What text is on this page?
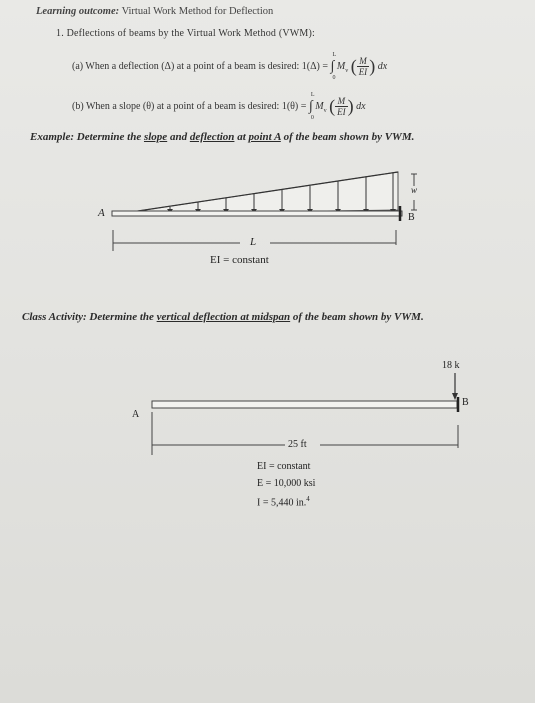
Learning outcome: Virtual Work Method for Deflection
1. Deflections of beams by the Virtual Work Method (VWM):
(a) When a deflection (Δ) at a point of a beam is desired: 1(Δ) = ∫
L
0
$M_v$ ( $\frac{M}{EI}$ ) dx
(b) When a slope (θ) at a point of a beam is desired: 1(θ) = ∫
L
0
$M_v$ ( $\frac{M}{EI}$ ) dx
Example: Determine the slope and deflection at point A of the beam shown by VWM.
A	B
w
L
EI = constant
Class Activity: Determine the vertical deflection at midspan of the beam shown by VWM.
18 k
A
B
25 ft
EI = constant
E = 10,000 ksi
I = 5,440 in.$^4$
